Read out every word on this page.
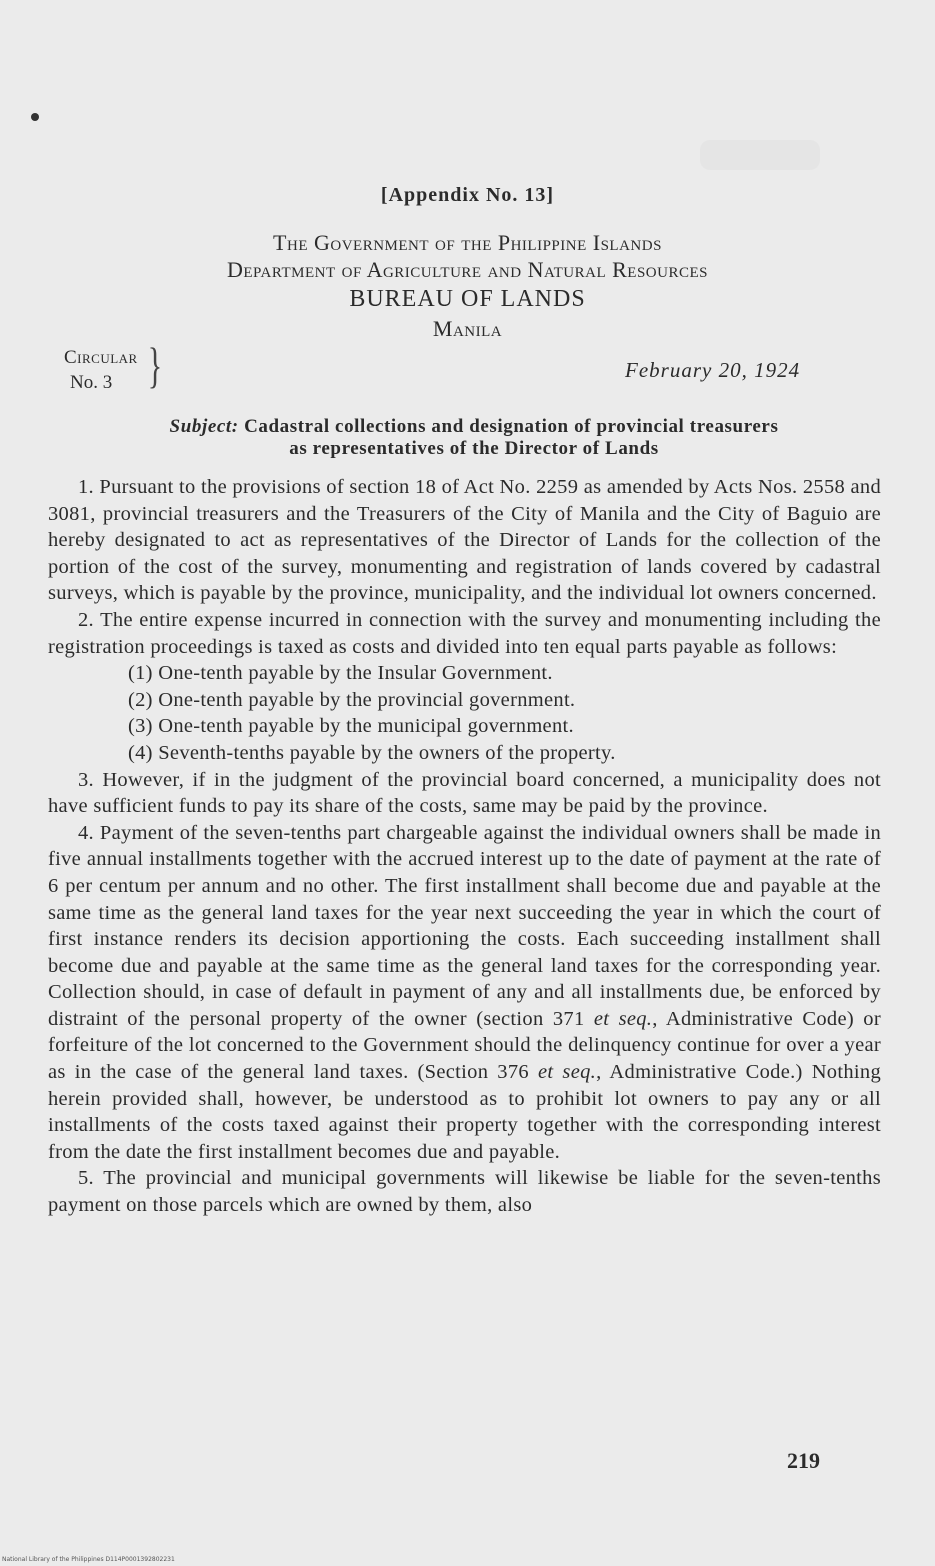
[Appendix No. 13]
The Government of the Philippine Islands
Department of Agriculture and Natural Resources
BUREAU OF LANDS
Manila
Circular
No. 3 }	February 20, 1924
Subject: Cadastral collections and designation of provincial treasurers
as representatives of the Director of Lands

1. Pursuant to the provisions of section 18 of Act No. 2259 as amended by Acts Nos. 2558 and 3081, provincial treasurers and the Treasurers of the City of Manila and the City of Baguio are hereby designated to act as representatives of the Director of Lands for the collection of the portion of the cost of the survey, monumenting and registration of lands covered by cadastral surveys, which is payable by the province, municipality, and the individual lot owners concerned.

2. The entire expense incurred in connection with the survey and monumenting including the registration proceedings is taxed as costs and divided into ten equal parts payable as follows:

(1) One-tenth payable by the Insular Government.
(2) One-tenth payable by the provincial government.
(3) One-tenth payable by the municipal government.
(4) Seventh-tenths payable by the owners of the property.

3. However, if in the judgment of the provincial board concerned, a municipality does not have sufficient funds to pay its share of the costs, same may be paid by the province.

4. Payment of the seven-tenths part chargeable against the individual owners shall be made in five annual installments together with the accrued interest up to the date of payment at the rate of 6 per centum per annum and no other. The first installment shall become due and payable at the same time as the general land taxes for the year next succeeding the year in which the court of first instance renders its decision apportioning the costs. Each succeeding installment shall become due and payable at the same time as the general land taxes for the corresponding year. Collection should, in case of default in payment of any and all installments due, be enforced by distraint of the personal property of the owner (section 371 et seq., Administrative Code) or forfeiture of the lot concerned to the Government should the delinquency continue for over a year as in the case of the general land taxes. (Section 376 et seq., Administrative Code.) Nothing herein provided shall, however, be understood as to prohibit lot owners to pay any or all installments of the costs taxed against their property together with the corresponding interest from the date the first installment becomes due and payable.

5. The provincial and municipal governments will likewise be liable for the seven-tenths payment on those parcels which are owned by them, also

219
National Library of the Philippines D114P0001392802231
